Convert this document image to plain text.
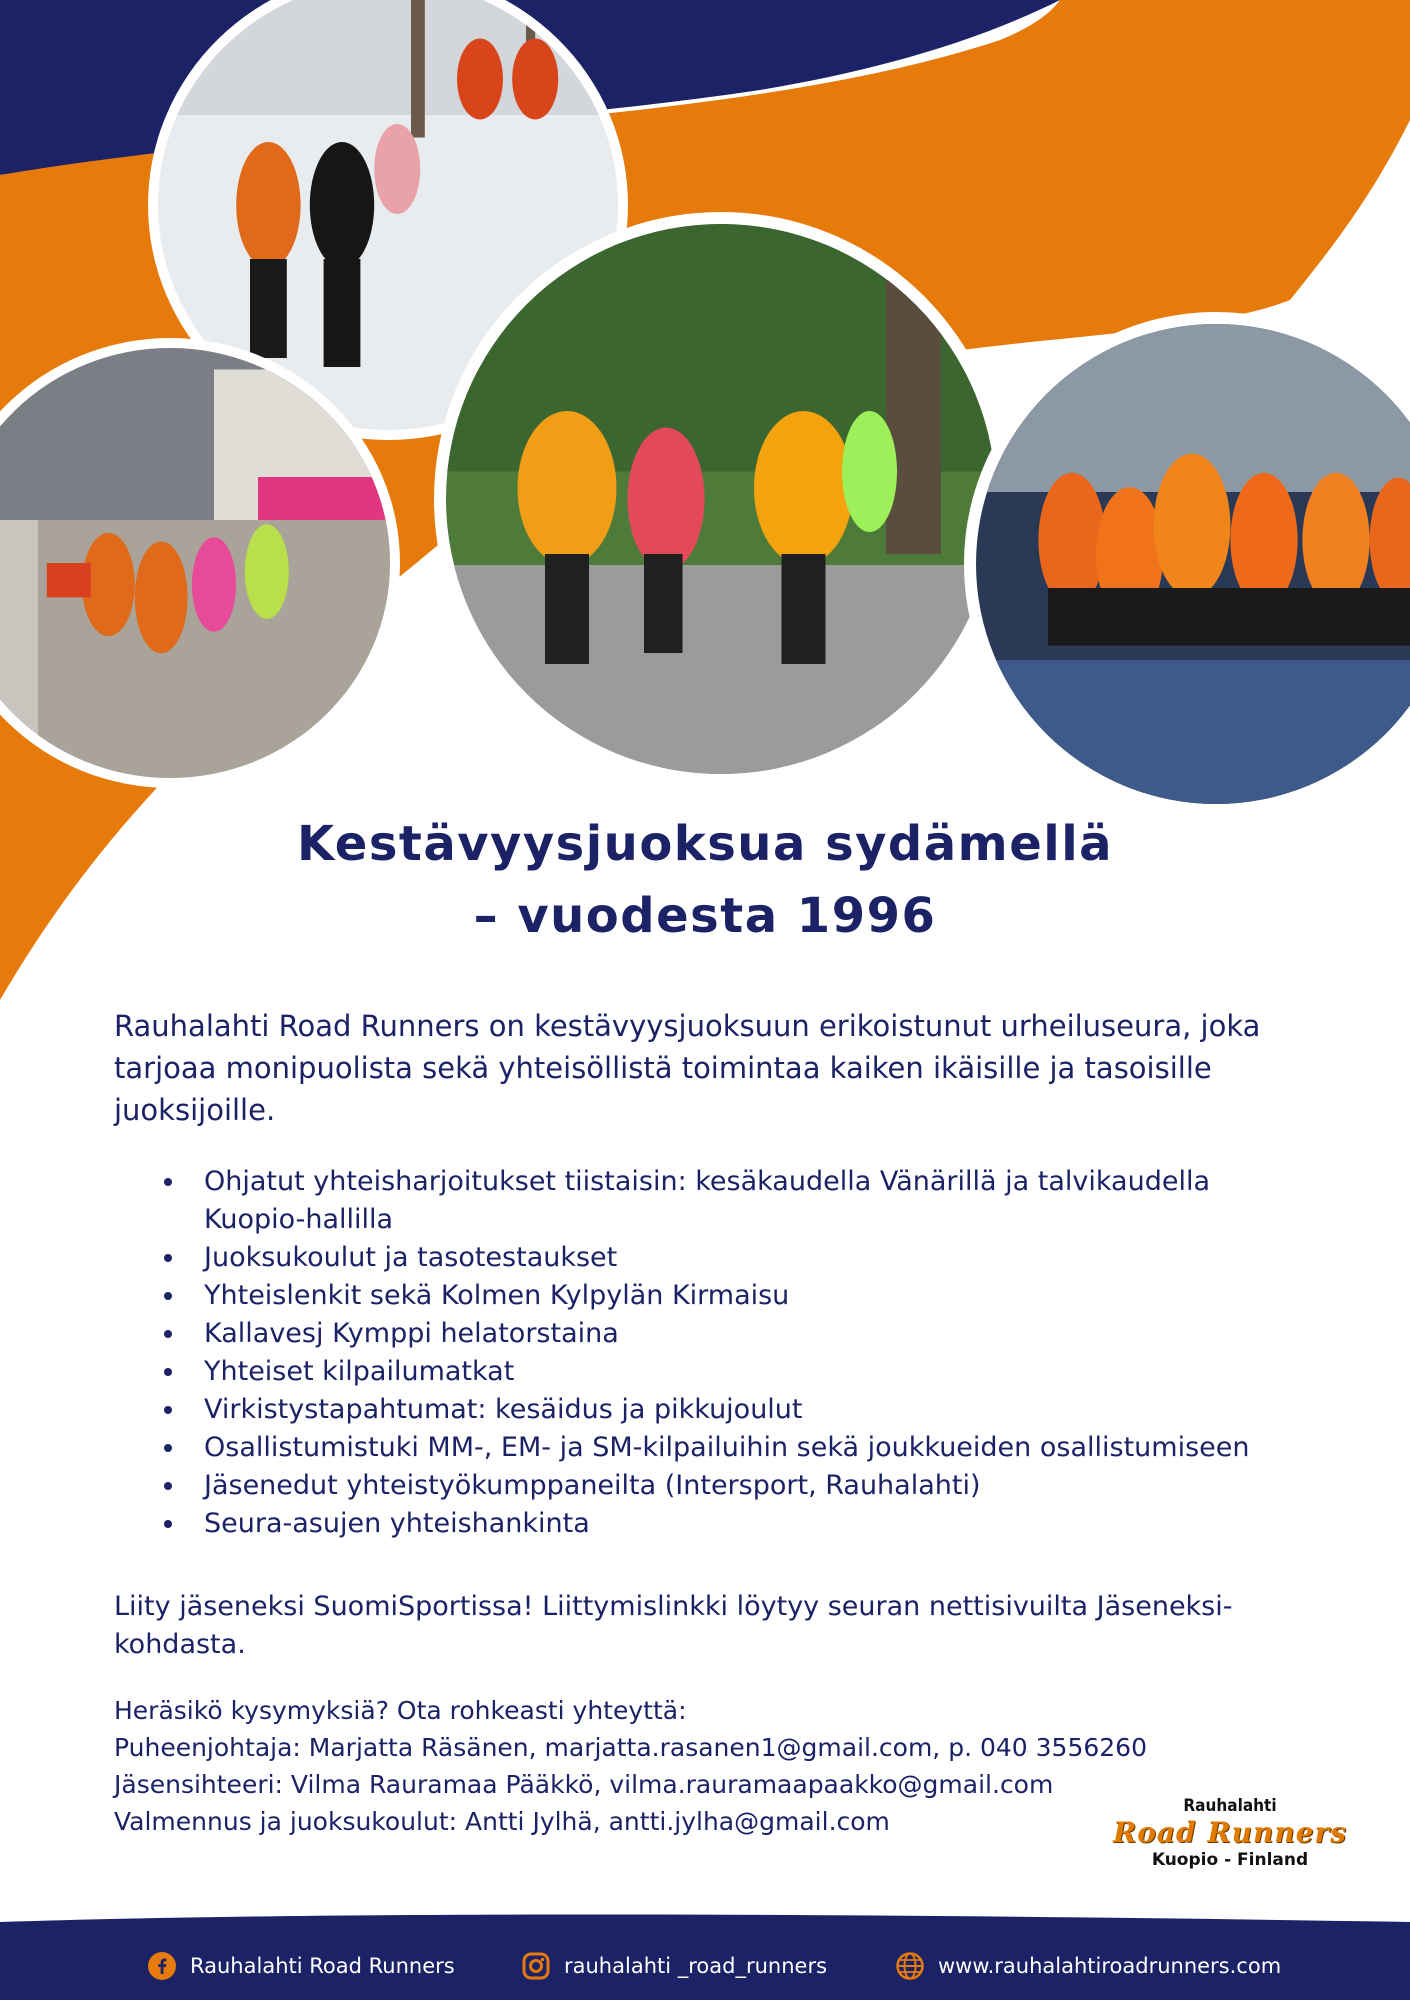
Kestävyysjuoksua sydämellä
– vuodesta 1996
Rauhalahti Road Runners on kestävyysjuoksuun erikoistunut urheiluseura, joka tarjoaa monipuolista sekä yhteisöllistä toimintaa kaiken ikäisille ja tasoisille juoksijoille.
Ohjatut yhteisharjoitukset tiistaisin: kesäkaudella Vänärillä ja talvikaudella Kuopio-hallilla
Juoksukoulut ja tasotestaukset
Yhteislenkit sekä Kolmen Kylpylän Kirmaisu
Kallavesj Kymppi helatorstaina
Yhteiset kilpailumatkat
Virkistystapahtumat: kesäidus ja pikkujoulut
Osallistumistuki MM-, EM- ja SM-kilpailuihin sekä joukkueiden osallistumiseen
Jäsenedut yhteistyökumppaneilta (Intersport, Rauhalahti)
Seura-asujen yhteishankinta
Liity jäseneksi SuomiSportissa! Liittymislinkki löytyy seuran nettisivuilta Jäseneksi-kohdasta.
Heräsikö kysymyksiä? Ota rohkeasti yhteyttä:
Puheenjohtaja: Marjatta Räsänen, marjatta.rasanen1@gmail.com, p. 040 3556260
Jäsensihteeri: Vilma Rauramaa Pääkkö, vilma.rauramaapaakko@gmail.com
Valmennus ja juoksukoulut: Antti Jylhä, antti.jylha@gmail.com
Rauhalahti
Road Runners
Kuopio - Finland
Rauhalahti Road Runners	rauhalahti _road_runners	www.rauhalahtiroadrunners.com
